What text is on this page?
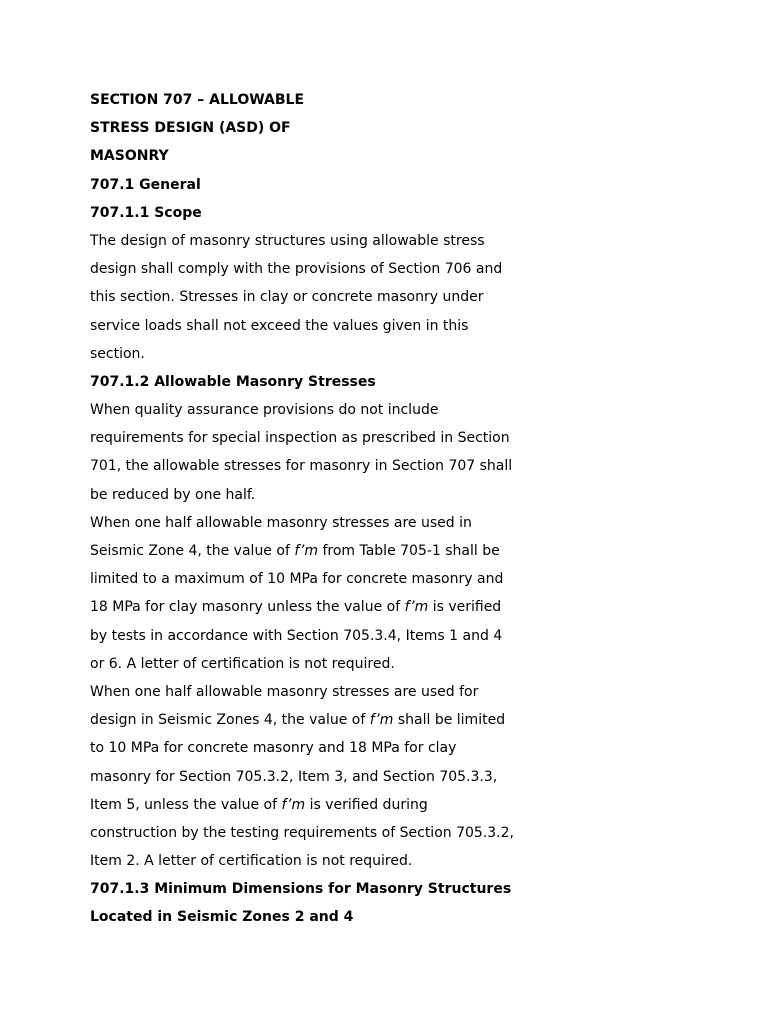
SECTION 707 – ALLOWABLE
STRESS DESIGN (ASD) OF
MASONRY
707.1 General
707.1.1 Scope
The design of masonry structures using allowable stress
design shall comply with the provisions of Section 706 and
this section. Stresses in clay or concrete masonry under
service loads shall not exceed the values given in this
section.
707.1.2 Allowable Masonry Stresses
When quality assurance provisions do not include
requirements for special inspection as prescribed in Section
701, the allowable stresses for masonry in Section 707 shall
be reduced by one half.
When one half allowable masonry stresses are used in
Seismic Zone 4, the value of f’m from Table 705-1 shall be
limited to a maximum of 10 MPa for concrete masonry and
18 MPa for clay masonry unless the value of f’m is verified
by tests in accordance with Section 705.3.4, Items 1 and 4
or 6. A letter of certification is not required.
When one half allowable masonry stresses are used for
design in Seismic Zones 4, the value of f’m shall be limited
to 10 MPa for concrete masonry and 18 MPa for clay
masonry for Section 705.3.2, Item 3, and Section 705.3.3,
Item 5, unless the value of f’m is verified during
construction by the testing requirements of Section 705.3.2,
Item 2. A letter of certification is not required.
707.1.3 Minimum Dimensions for Masonry Structures
Located in Seismic Zones 2 and 4
